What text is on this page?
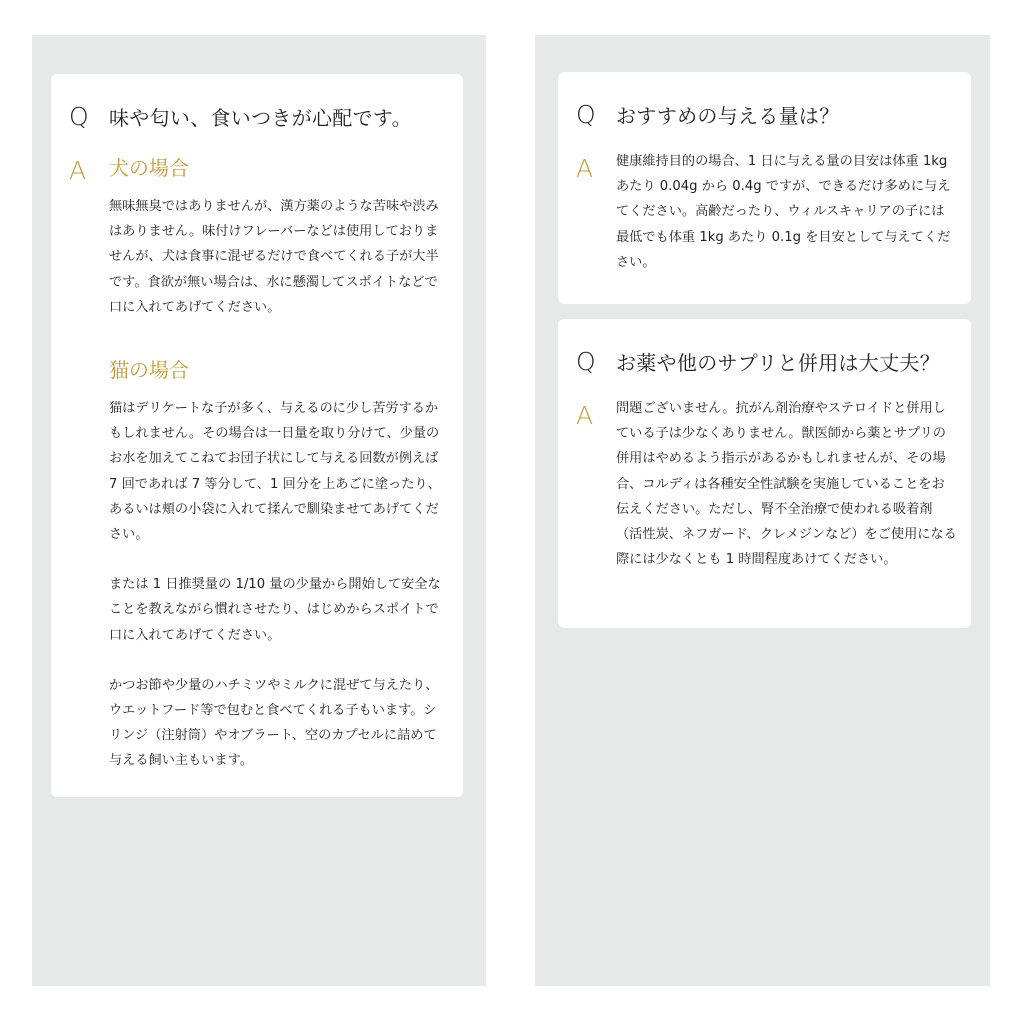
Q	味や匂い、食いつきが心配です。
A	犬の場合

無味無臭ではありませんが、漢方薬のような苦味や渋みはありません。味付けフレーバーなどは使用しておりませんが、犬は食事に混ぜるだけで食べてくれる子が大半です。食欲が無い場合は、水に懸濁してスポイトなどで口に入れてあげてください。

猫の場合

猫はデリケートな子が多く、与えるのに少し苦労するかもしれません。その場合は一日量を取り分けて、少量のお水を加えてこねてお団子状にして与える回数が例えば 7 回であれば 7 等分して、1 回分を上あごに塗ったり、あるいは頬の小袋に入れて揉んで馴染ませてあげてください。

または 1 日推奨量の 1/10 量の少量から開始して安全なことを教えながら慣れさせたり、はじめからスポイトで口に入れてあげてください。

かつお節や少量のハチミツやミルクに混ぜて与えたり、ウエットフード等で包むと食べてくれる子もいます。シリンジ（注射筒）やオブラート、空のカプセルに詰めて与える飼い主もいます。

Q	おすすめの与える量は？
A	健康維持目的の場合、1 日に与える量の目安は体重 1kg あたり 0.04g から 0.4g ですが、できるだけ多めに与えてください。高齢だったり、ウィルスキャリアの子には最低でも体重 1kg あたり 0.1g を目安として与えてください。

Q	お薬や他のサプリと併用は大丈夫？
A	問題ございません。抗がん剤治療やステロイドと併用している子は少なくありません。獣医師から薬とサプリの併用はやめるよう指示があるかもしれませんが、その場合、コルディは各種安全性試験を実施していることをお伝えください。ただし、腎不全治療で使われる吸着剤（活性炭、ネフガード、クレメジンなど）をご使用になる際には少なくとも 1 時間程度あけてください。
